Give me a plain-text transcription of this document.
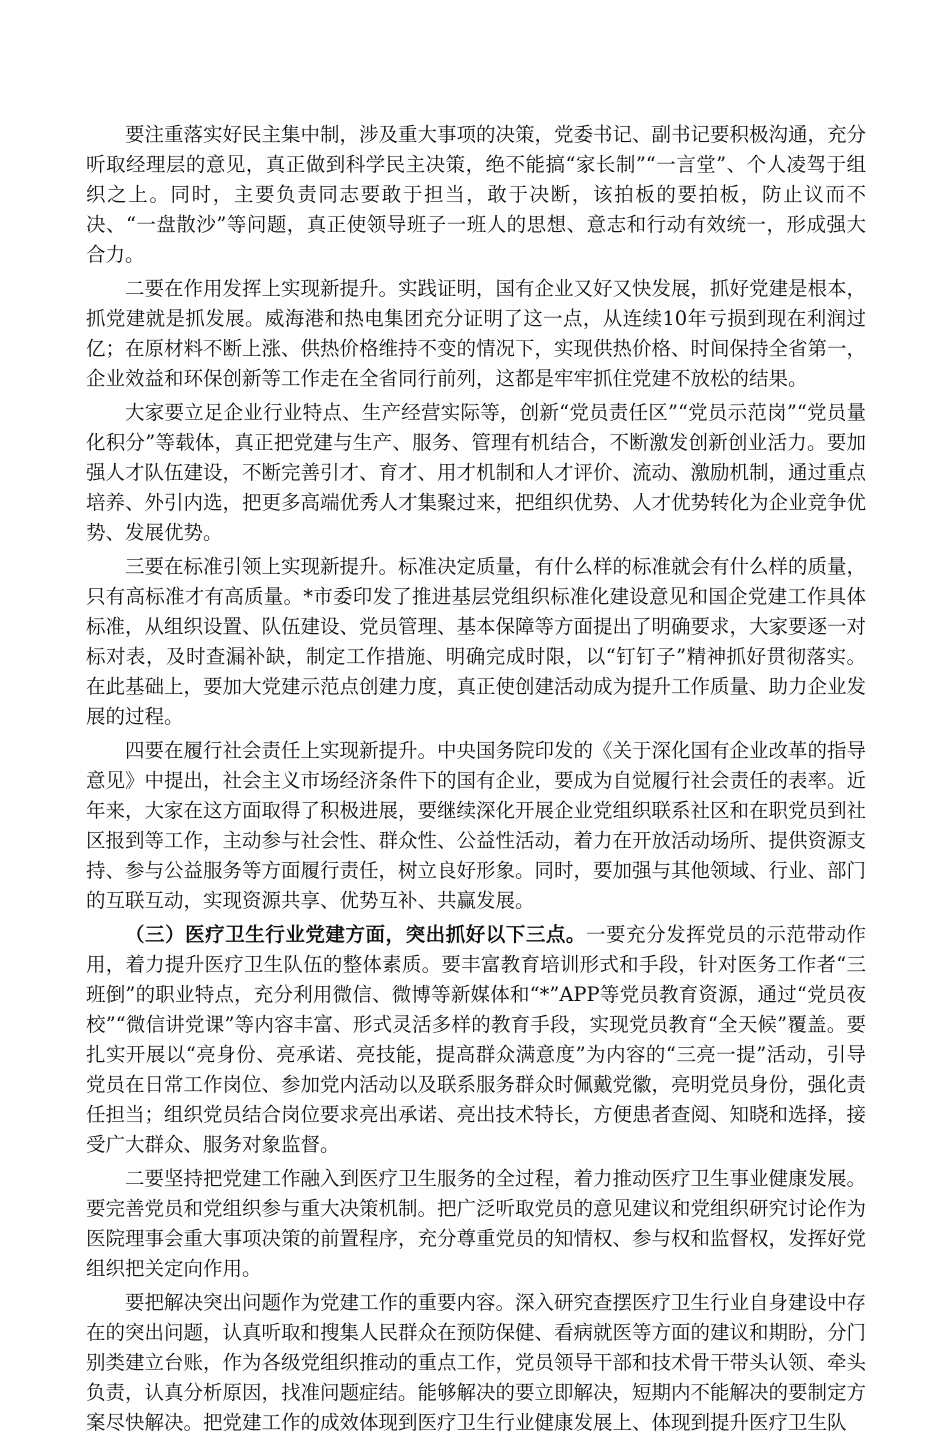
要注重落实好民主集中制，涉及重大事项的决策，党委书记、副书记要积极沟通，充分听取经理层的意见，真正做到科学民主决策，绝不能搞“家长制”“一言堂”、个人凌驾于组织之上。同时，主要负责同志要敢于担当，敢于决断，该拍板的要拍板，防止议而不决、“一盘散沙”等问题，真正使领导班子一班人的思想、意志和行动有效统一，形成强大合力。

二要在作用发挥上实现新提升。实践证明，国有企业又好又快发展，抓好党建是根本，抓党建就是抓发展。威海港和热电集团充分证明了这一点，从连续10年亏损到现在利润过亿；在原材料不断上涨、供热价格维持不变的情况下，实现供热价格、时间保持全省第一，企业效益和环保创新等工作走在全省同行前列，这都是牢牢抓住党建不放松的结果。

大家要立足企业行业特点、生产经营实际等，创新“党员责任区”“党员示范岗”“党员量化积分”等载体，真正把党建与生产、服务、管理有机结合，不断激发创新创业活力。要加强人才队伍建设，不断完善引才、育才、用才机制和人才评价、流动、激励机制，通过重点培养、外引内选，把更多高端优秀人才集聚过来，把组织优势、人才优势转化为企业竞争优势、发展优势。

三要在标准引领上实现新提升。标准决定质量，有什么样的标准就会有什么样的质量，只有高标准才有高质量。*市委印发了推进基层党组织标准化建设意见和国企党建工作具体标准，从组织设置、队伍建设、党员管理、基本保障等方面提出了明确要求，大家要逐一对标对表，及时查漏补缺，制定工作措施、明确完成时限，以“钉钉子”精神抓好贯彻落实。在此基础上，要加大党建示范点创建力度，真正使创建活动成为提升工作质量、助力企业发展的过程。

四要在履行社会责任上实现新提升。中央国务院印发的《关于深化国有企业改革的指导意见》中提出，社会主义市场经济条件下的国有企业，要成为自觉履行社会责任的表率。近年来，大家在这方面取得了积极进展，要继续深化开展企业党组织联系社区和在职党员到社区报到等工作，主动参与社会性、群众性、公益性活动，着力在开放活动场所、提供资源支持、参与公益服务等方面履行责任，树立良好形象。同时，要加强与其他领域、行业、部门的互联互动，实现资源共享、优势互补、共赢发展。

（三）医疗卫生行业党建方面，突出抓好以下三点。一要充分发挥党员的示范带动作用，着力提升医疗卫生队伍的整体素质。要丰富教育培训形式和手段，针对医务工作者“三班倒”的职业特点，充分利用微信、微博等新媒体和“*”APP等党员教育资源，通过“党员夜校”“微信讲党课”等内容丰富、形式灵活多样的教育手段，实现党员教育“全天候”覆盖。要扎实开展以“亮身份、亮承诺、亮技能，提高群众满意度”为内容的“三亮一提”活动，引导党员在日常工作岗位、参加党内活动以及联系服务群众时佩戴党徽，亮明党员身份，强化责任担当；组织党员结合岗位要求亮出承诺、亮出技术特长，方便患者查阅、知晓和选择，接受广大群众、服务对象监督。

二要坚持把党建工作融入到医疗卫生服务的全过程，着力推动医疗卫生事业健康发展。要完善党员和党组织参与重大决策机制。把广泛听取党员的意见建议和党组织研究讨论作为医院理事会重大事项决策的前置程序，充分尊重党员的知情权、参与权和监督权，发挥好党组织把关定向作用。

要把解决突出问题作为党建工作的重要内容。深入研究查摆医疗卫生行业自身建设中存在的突出问题，认真听取和搜集人民群众在预防保健、看病就医等方面的建议和期盼，分门别类建立台账，作为各级党组织推动的重点工作，党员领导干部和技术骨干带头认领、牵头负责，认真分析原因，找准问题症结。能够解决的要立即解决，短期内不能解决的要制定方案尽快解决。把党建工作的成效体现到医疗卫生行业健康发展上、体现到提升医疗卫生队
